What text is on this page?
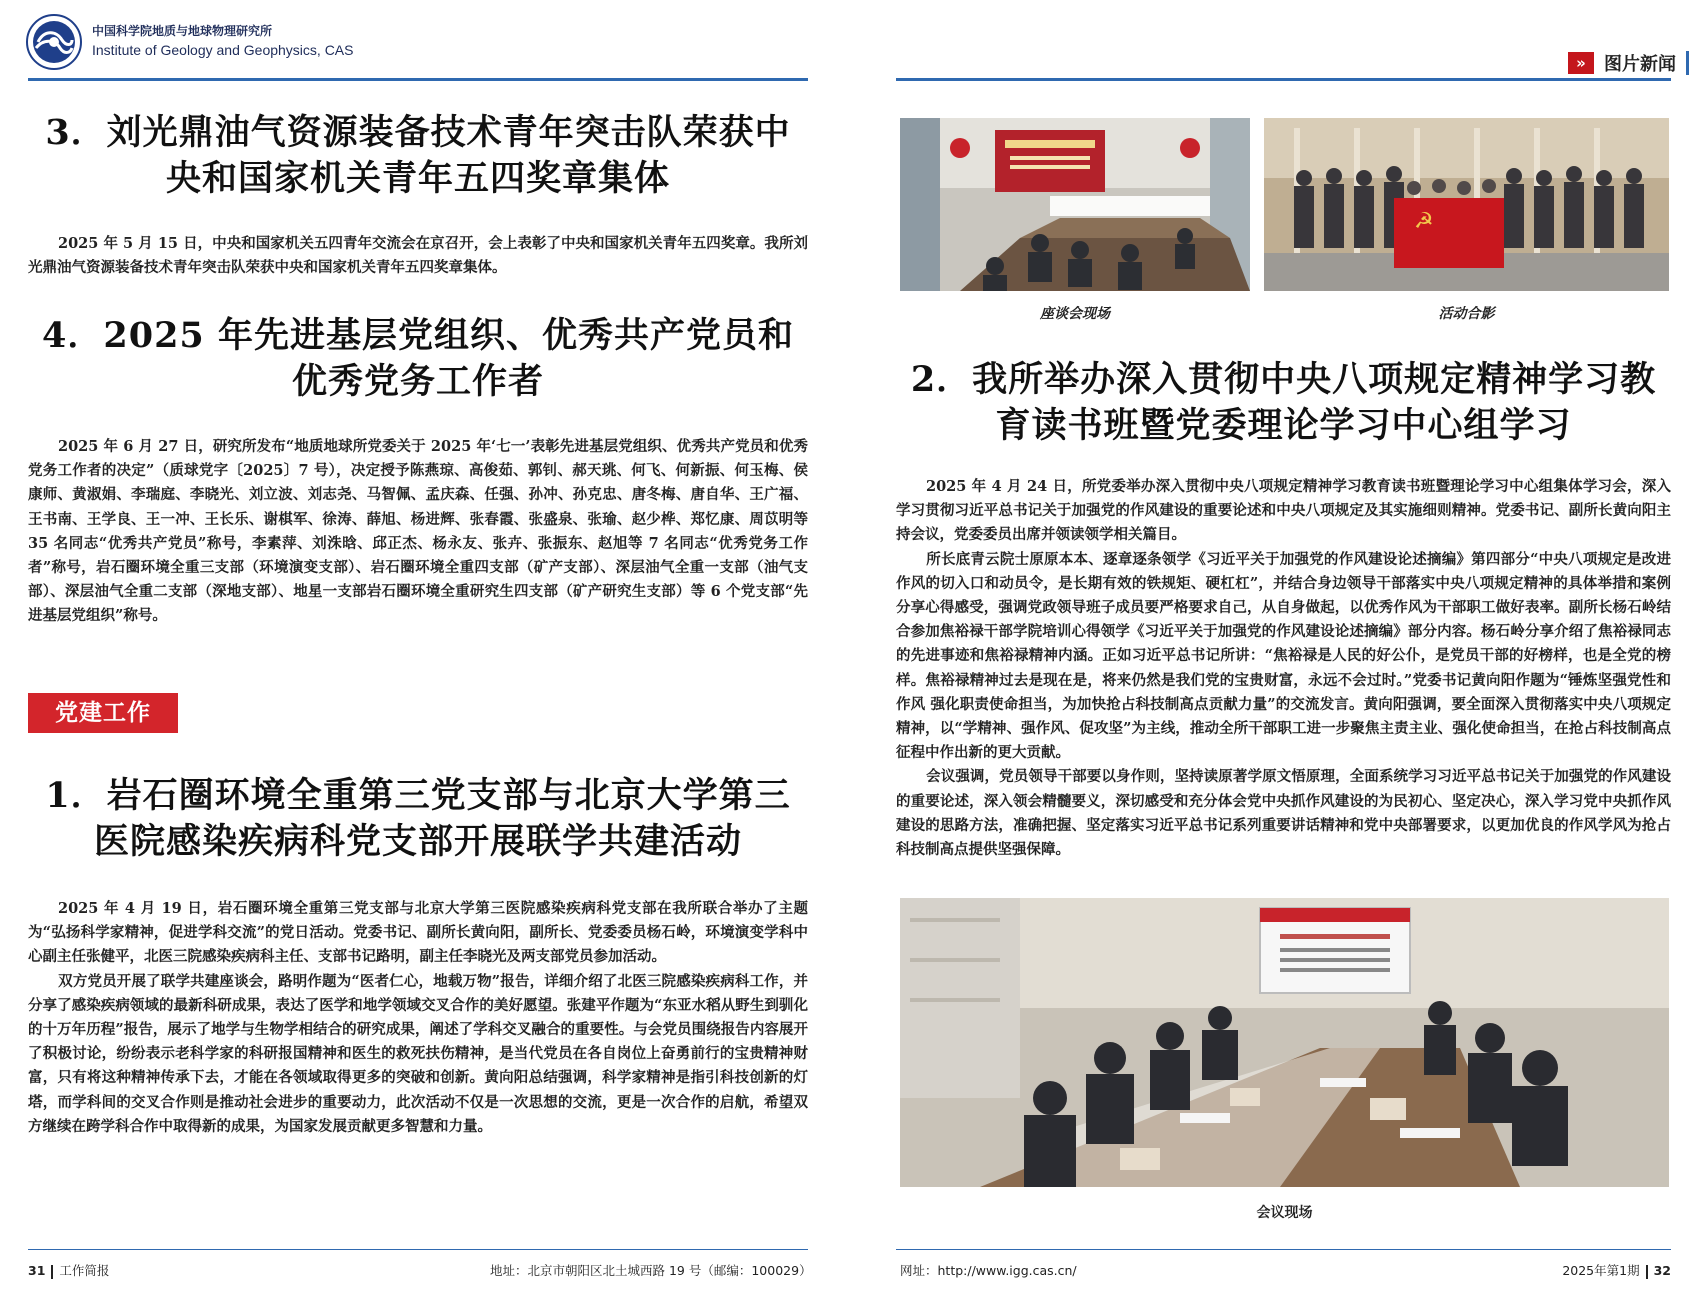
中国科学院地质与地球物理研究所
Institute of Geology and Geophysics, CAS
3．刘光鼎油气资源装备技术青年突击队荣获中
央和国家机关青年五四奖章集体

2025 年 5 月 15 日，中央和国家机关五四青年交流会在京召开，会上表彰了中央和国家机关青年五四奖章。我所刘光鼎油气资源装备技术青年突击队荣获中央和国家机关青年五四奖章集体。

4．2025 年先进基层党组织、优秀共产党员和
优秀党务工作者

2025 年 6 月 27 日，研究所发布“地质地球所党委关于 2025 年‘七一’表彰先进基层党组织、优秀共产党员和优秀党务工作者的决定”（质球党字〔2025〕7 号），决定授予陈燕琼、高俊茹、郭钊、郝天珧、何飞、何新振、何玉梅、侯康师、黄淑娟、李瑞庭、李晓光、刘立波、刘志尧、马智佩、孟庆森、任强、孙冲、孙克忠、唐冬梅、唐自华、王广福、王书南、王学良、王一冲、王长乐、谢棋军、徐涛、薛旭、杨进辉、张春霞、张盛泉、张瑜、赵少桦、郑忆康、周苡明等 35 名同志“优秀共产党员”称号，李素萍、刘洙晗、邱正杰、杨永友、张卉、张振东、赵旭等 7 名同志“优秀党务工作者”称号，岩石圈环境全重三支部（环境演变支部）、岩石圈环境全重四支部（矿产支部）、深层油气全重一支部（油气支部）、深层油气全重二支部（深地支部）、地星一支部岩石圈环境全重研究生四支部（矿产研究生支部）等 6 个党支部“先进基层党组织”称号。

党建工作
1．岩石圈环境全重第三党支部与北京大学第三
医院感染疾病科党支部开展联学共建活动

2025 年 4 月 19 日，岩石圈环境全重第三党支部与北京大学第三医院感染疾病科党支部在我所联合举办了主题为“弘扬科学家精神，促进学科交流”的党日活动。党委书记、副所长黄向阳，副所长、党委委员杨石岭，环境演变学科中心副主任张健平，北医三院感染疾病科主任、支部书记路明，副主任李晓光及两支部党员参加活动。

双方党员开展了联学共建座谈会，路明作题为“医者仁心，地载万物”报告，详细介绍了北医三院感染疾病科工作，并分享了感染疾病领域的最新科研成果，表达了医学和地学领域交叉合作的美好愿望。张建平作题为“东亚水稻从野生到驯化的十万年历程”报告，展示了地学与生物学相结合的研究成果，阐述了学科交叉融合的重要性。与会党员围绕报告内容展开了积极讨论，纷纷表示老科学家的科研报国精神和医生的救死扶伤精神，是当代党员在各自岗位上奋勇前行的宝贵精神财富，只有将这种精神传承下去，才能在各领域取得更多的突破和创新。黄向阳总结强调，科学家精神是指引科技创新的灯塔，而学科间的交叉合作则是推动社会进步的重要动力，此次活动不仅是一次思想的交流，更是一次合作的启航，希望双方继续在跨学科合作中取得新的成果，为国家发展贡献更多智慧和力量。

31 工作简报	地址：北京市朝阳区北土城西路 19 号（邮编：100029）
»	图片新闻
座谈会现场
☭
活动合影
2．我所举办深入贯彻中央八项规定精神学习教
育读书班暨党委理论学习中心组学习

2025 年 4 月 24 日，所党委举办深入贯彻中央八项规定精神学习教育读书班暨理论学习中心组集体学习会，深入学习贯彻习近平总书记关于加强党的作风建设的重要论述和中央八项规定及其实施细则精神。党委书记、副所长黄向阳主持会议，党委委员出席并领读领学相关篇目。

所长底青云院士原原本本、逐章逐条领学《习近平关于加强党的作风建设论述摘编》第四部分“中央八项规定是改进作风的切入口和动员令，是长期有效的铁规矩、硬杠杠”，并结合身边领导干部落实中央八项规定精神的具体举措和案例分享心得感受，强调党政领导班子成员要严格要求自己，从自身做起，以优秀作风为干部职工做好表率。副所长杨石岭结合参加焦裕禄干部学院培训心得领学《习近平关于加强党的作风建设论述摘编》部分内容。杨石岭分享介绍了焦裕禄同志的先进事迹和焦裕禄精神内涵。正如习近平总书记所讲：“焦裕禄是人民的好公仆，是党员干部的好榜样，也是全党的榜样。焦裕禄精神过去是现在是，将来仍然是我们党的宝贵财富，永远不会过时。”党委书记黄向阳作题为“锤炼坚强党性和作风 强化职责使命担当，为加快抢占科技制高点贡献力量”的交流发言。黄向阳强调，要全面深入贯彻落实中央八项规定精神，以“学精神、强作风、促攻坚”为主线，推动全所干部职工进一步聚焦主责主业、强化使命担当，在抢占科技制高点征程中作出新的更大贡献。

会议强调，党员领导干部要以身作则，坚持读原著学原文悟原理，全面系统学习习近平总书记关于加强党的作风建设的重要论述，深入领会精髓要义，深切感受和充分体会党中央抓作风建设的为民初心、坚定决心，深入学习党中央抓作风建设的思路方法，准确把握、坚定落实习近平总书记系列重要讲话精神和党中央部署要求，以更加优良的作风学风为抢占科技制高点提供坚强保障。

会议现场
网址：http://www.igg.cas.cn/	2025年第1期 32
